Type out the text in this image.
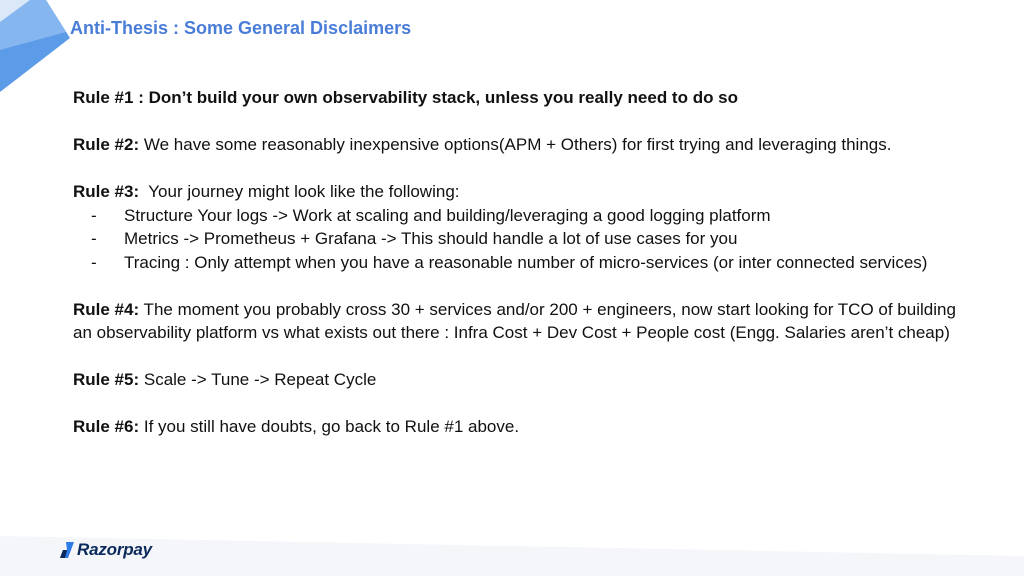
Anti-Thesis : Some General Disclaimers
Rule #1 : Don’t build your own observability stack, unless you really need to do so
Rule #2: We have some reasonably inexpensive options(APM + Others) for first trying and leveraging things.
Rule #3:  Your journey might look like the following:
- Structure Your logs -> Work at scaling and building/leveraging a good logging platform
- Metrics -> Prometheus + Grafana -> This should handle a lot of use cases for you
- Tracing : Only attempt when you have a reasonable number of micro-services (or inter connected services)
Rule #4: The moment you probably cross 30 + services and/or 200 + engineers, now start looking for TCO of building an observability platform vs what exists out there : Infra Cost + Dev Cost + People cost (Engg. Salaries aren’t cheap)
Rule #5: Scale -> Tune -> Repeat Cycle
Rule #6: If you still have doubts, go back to Rule #1 above.
Razorpay
